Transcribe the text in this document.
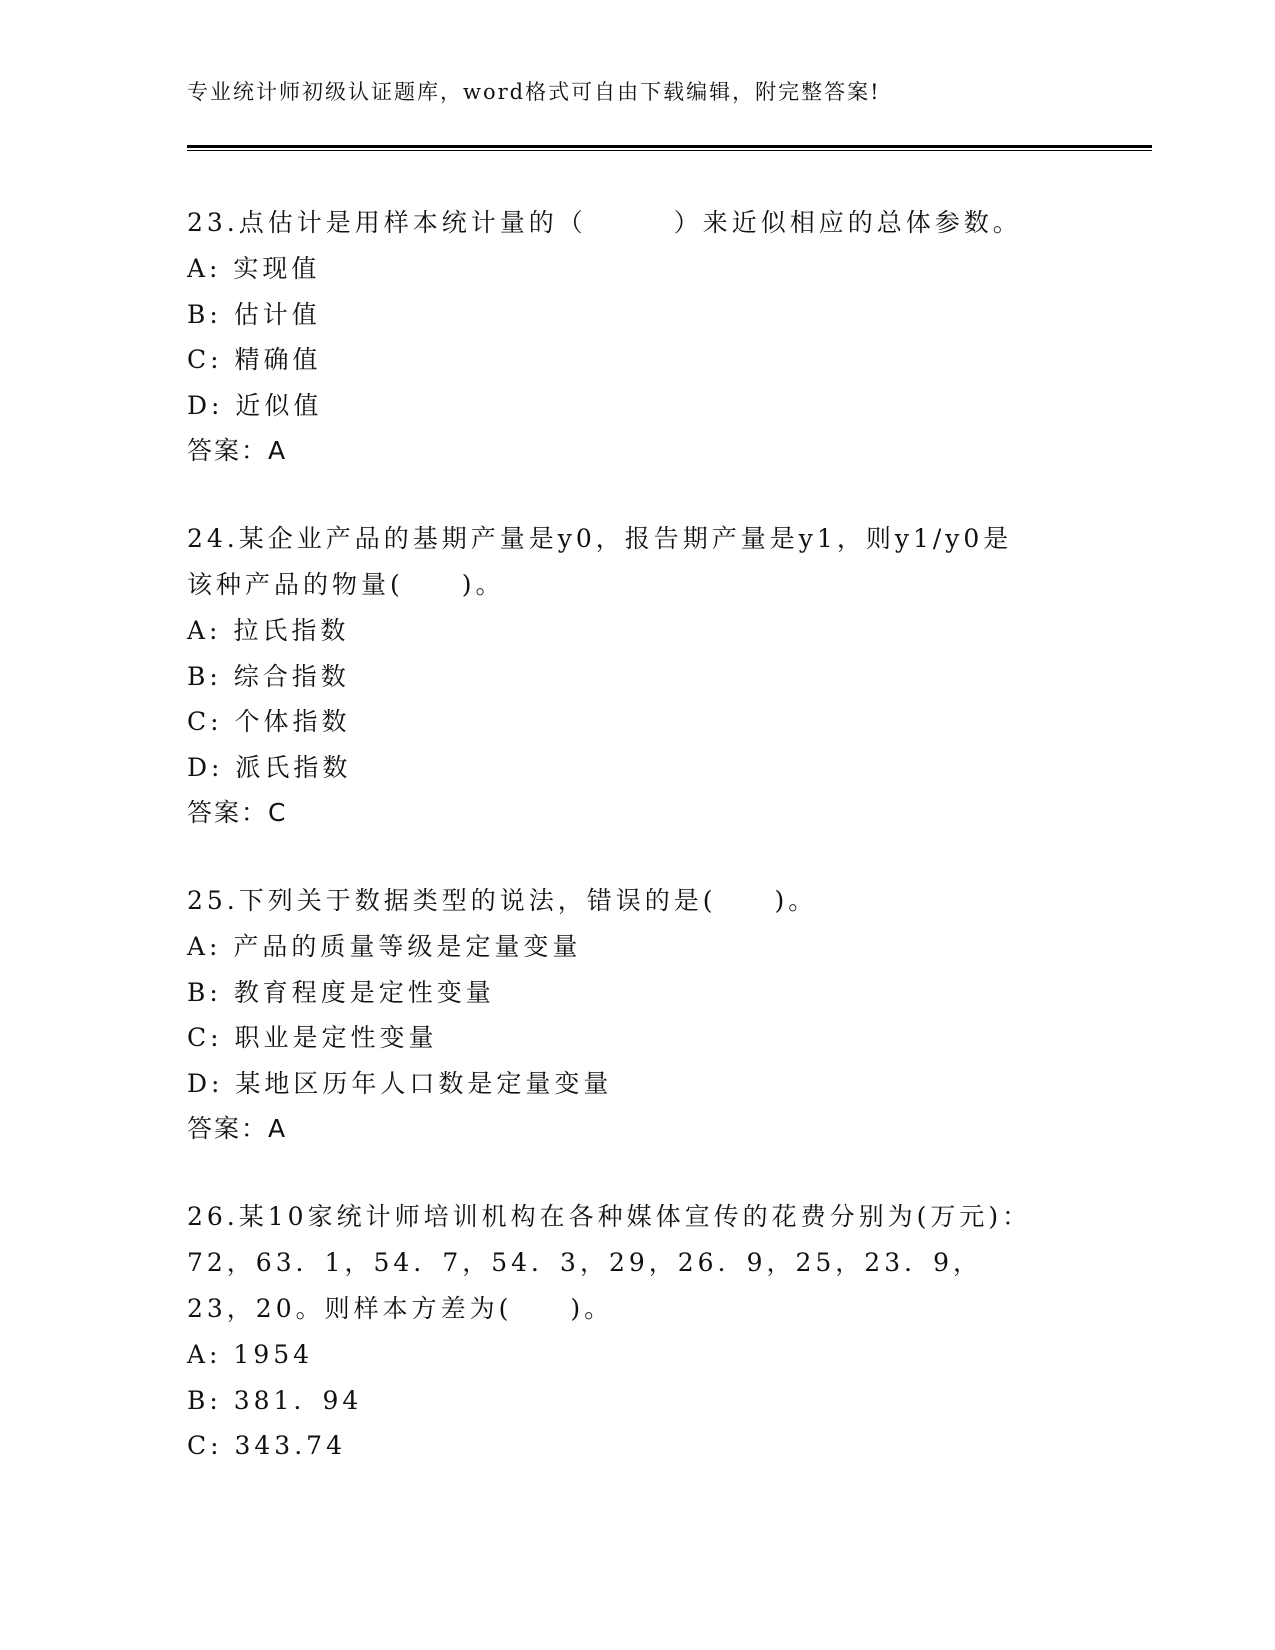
专业统计师初级认证题库，word格式可自由下载编辑，附完整答案!

23.点估计是用样本统计量的（　　　）来近似相应的总体参数。

A: 实现值

B: 估计值

C: 精确值

D: 近似值

答案：A

24.某企业产品的基期产量是y0，报告期产量是y1，则y1/y0是该种产品的物量(　　)。

A: 拉氏指数

B: 综合指数

C: 个体指数

D: 派氏指数

答案：C

25.下列关于数据类型的说法，错误的是(　　)。

A: 产品的质量等级是定量变量

B: 教育程度是定性变量

C: 职业是定性变量

D: 某地区历年人口数是定量变量

答案：A

26.某10家统计师培训机构在各种媒体宣传的花费分别为(万元)：72，63．1，54．7，54．3，29，26．9，25，23．9，23，20。则样本方差为(　　)。

A: 1954

B: 381．94

C: 343.74
